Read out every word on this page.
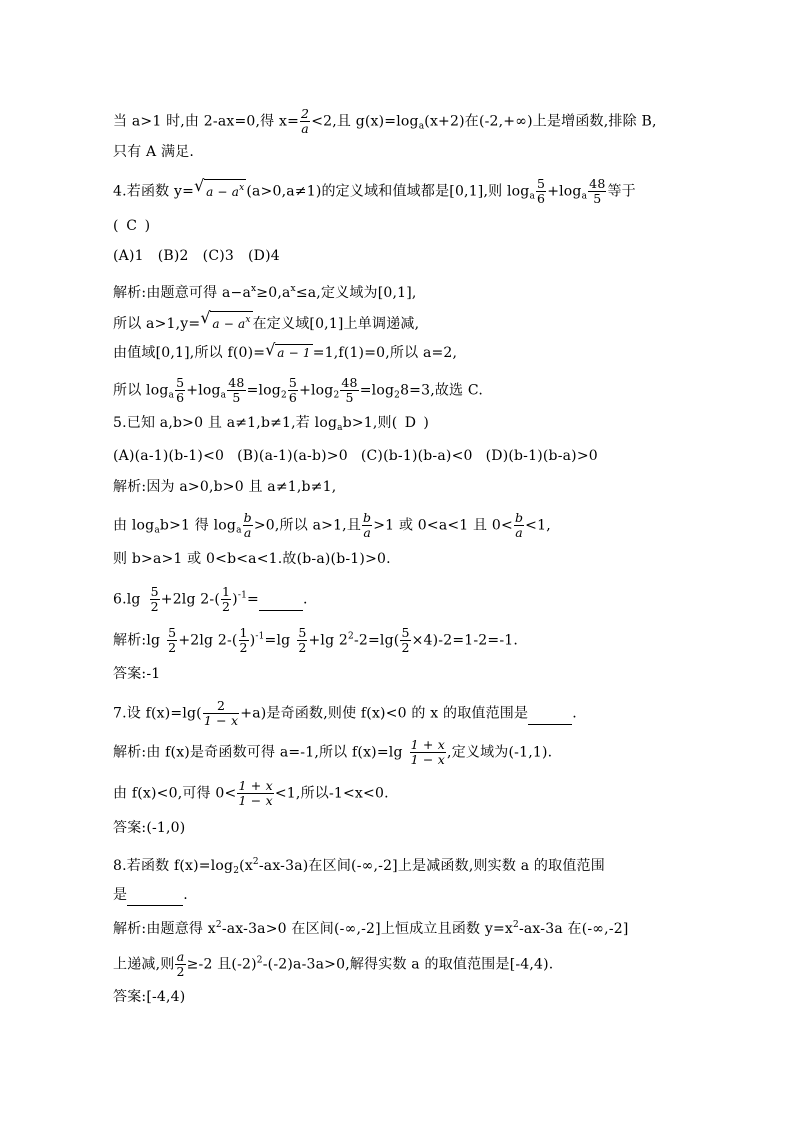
当 a>1 时,由 2-ax=0,得 $x= \frac{2}{a} <2$,且 $g(x)=\log_a(x+2)$在(-2,+∞)上是增函数,排除 B,
只有 A 满足.
4.若函数 y= √ $a - a^x$ (a>0,a≠1)的定义域和值域都是[0,1],则 $\log_a \frac{5}{6} +\log_a \frac{48}{5}$ 等于
( C )
(A)1 (B)2 (C)3 (D)4
解析:由题意可得 $a-a^x\ge 0,a^x\le a$,定义域为[0,1],
所以 a>1,y= √ $a - a^x$ 在定义域[0,1]上单调递减,
由值域[0,1],所以 f(0)= √ a − 1 =1,f(1)=0,所以 a=2,
所以 $\log_a \frac{5}{6} +\log_a \frac{48}{5} =\log_2 \frac{5}{6} +\log_2 \frac{48}{5} =\log_28=3$,故选 C.
5.已知 a,b>0 且 a≠1,b≠1,若 $\log_ab>1$,则( D )
(A)(a-1)(b-1)<0 (B)(a-1)(a-b)>0 (C)(b-1)(b-a)<0 (D)(b-1)(b-a)>0
解析:因为 a>0,b>0 且 a≠1,b≠1,
由 $\log_ab>1$ 得 $\log_a \frac{b}{a} >0$,所以 a>1,且 $\frac{b}{a} >1$ 或 0<a<1 且 $0< \frac{b}{a} <1$,
则 b>a>1 或 0<b<a<1.故(b-a)(b-1)>0.
$6.\lg \frac{5}{2} +2\lg$ $2-( \frac{1}{2} )^{-1}=$	.
解析:lg $\frac{5}{2} +2\lg$ $2-( \frac{1}{2} )^{-1}=\lg \frac{5}{2} +\lg$ $2^2-2=\lg( \frac{5}{2} \times 4)-2=1-2=-1$.
答案:-1
7.设 $f(x)=\lg( \frac{2}{1 - x} +a)$是奇函数,则使 f(x)<0 的 x 的取值范围是	.
解析:由 f(x)是奇函数可得 a=-1,所以 $f(x)=\lg \frac{1 + x}{1 - x}$ ,定义域为(-1,1).
由 f(x)<0,可得 $0< \frac{1 + x}{1 - x} <1$,所以-1<x<0.
答案:(-1,0)
8.若函数 $f(x)=\log_2(x^2-ax-3a)$在区间(-∞,-2]上是减函数,则实数 a 的取值范围
是	.
解析:由题意得 $x^2-ax-3a>0$ 在区间(-∞,-2]上恒成立且函数 $y=x^2-ax-3a$ 在(-∞,-2]
上递减,则 $\frac{a}{2} \ge-2$ 且$(-2)^2-(-2)a-3a>0$,解得实数 a 的取值范围是[-4,4).
答案:[-4,4)
